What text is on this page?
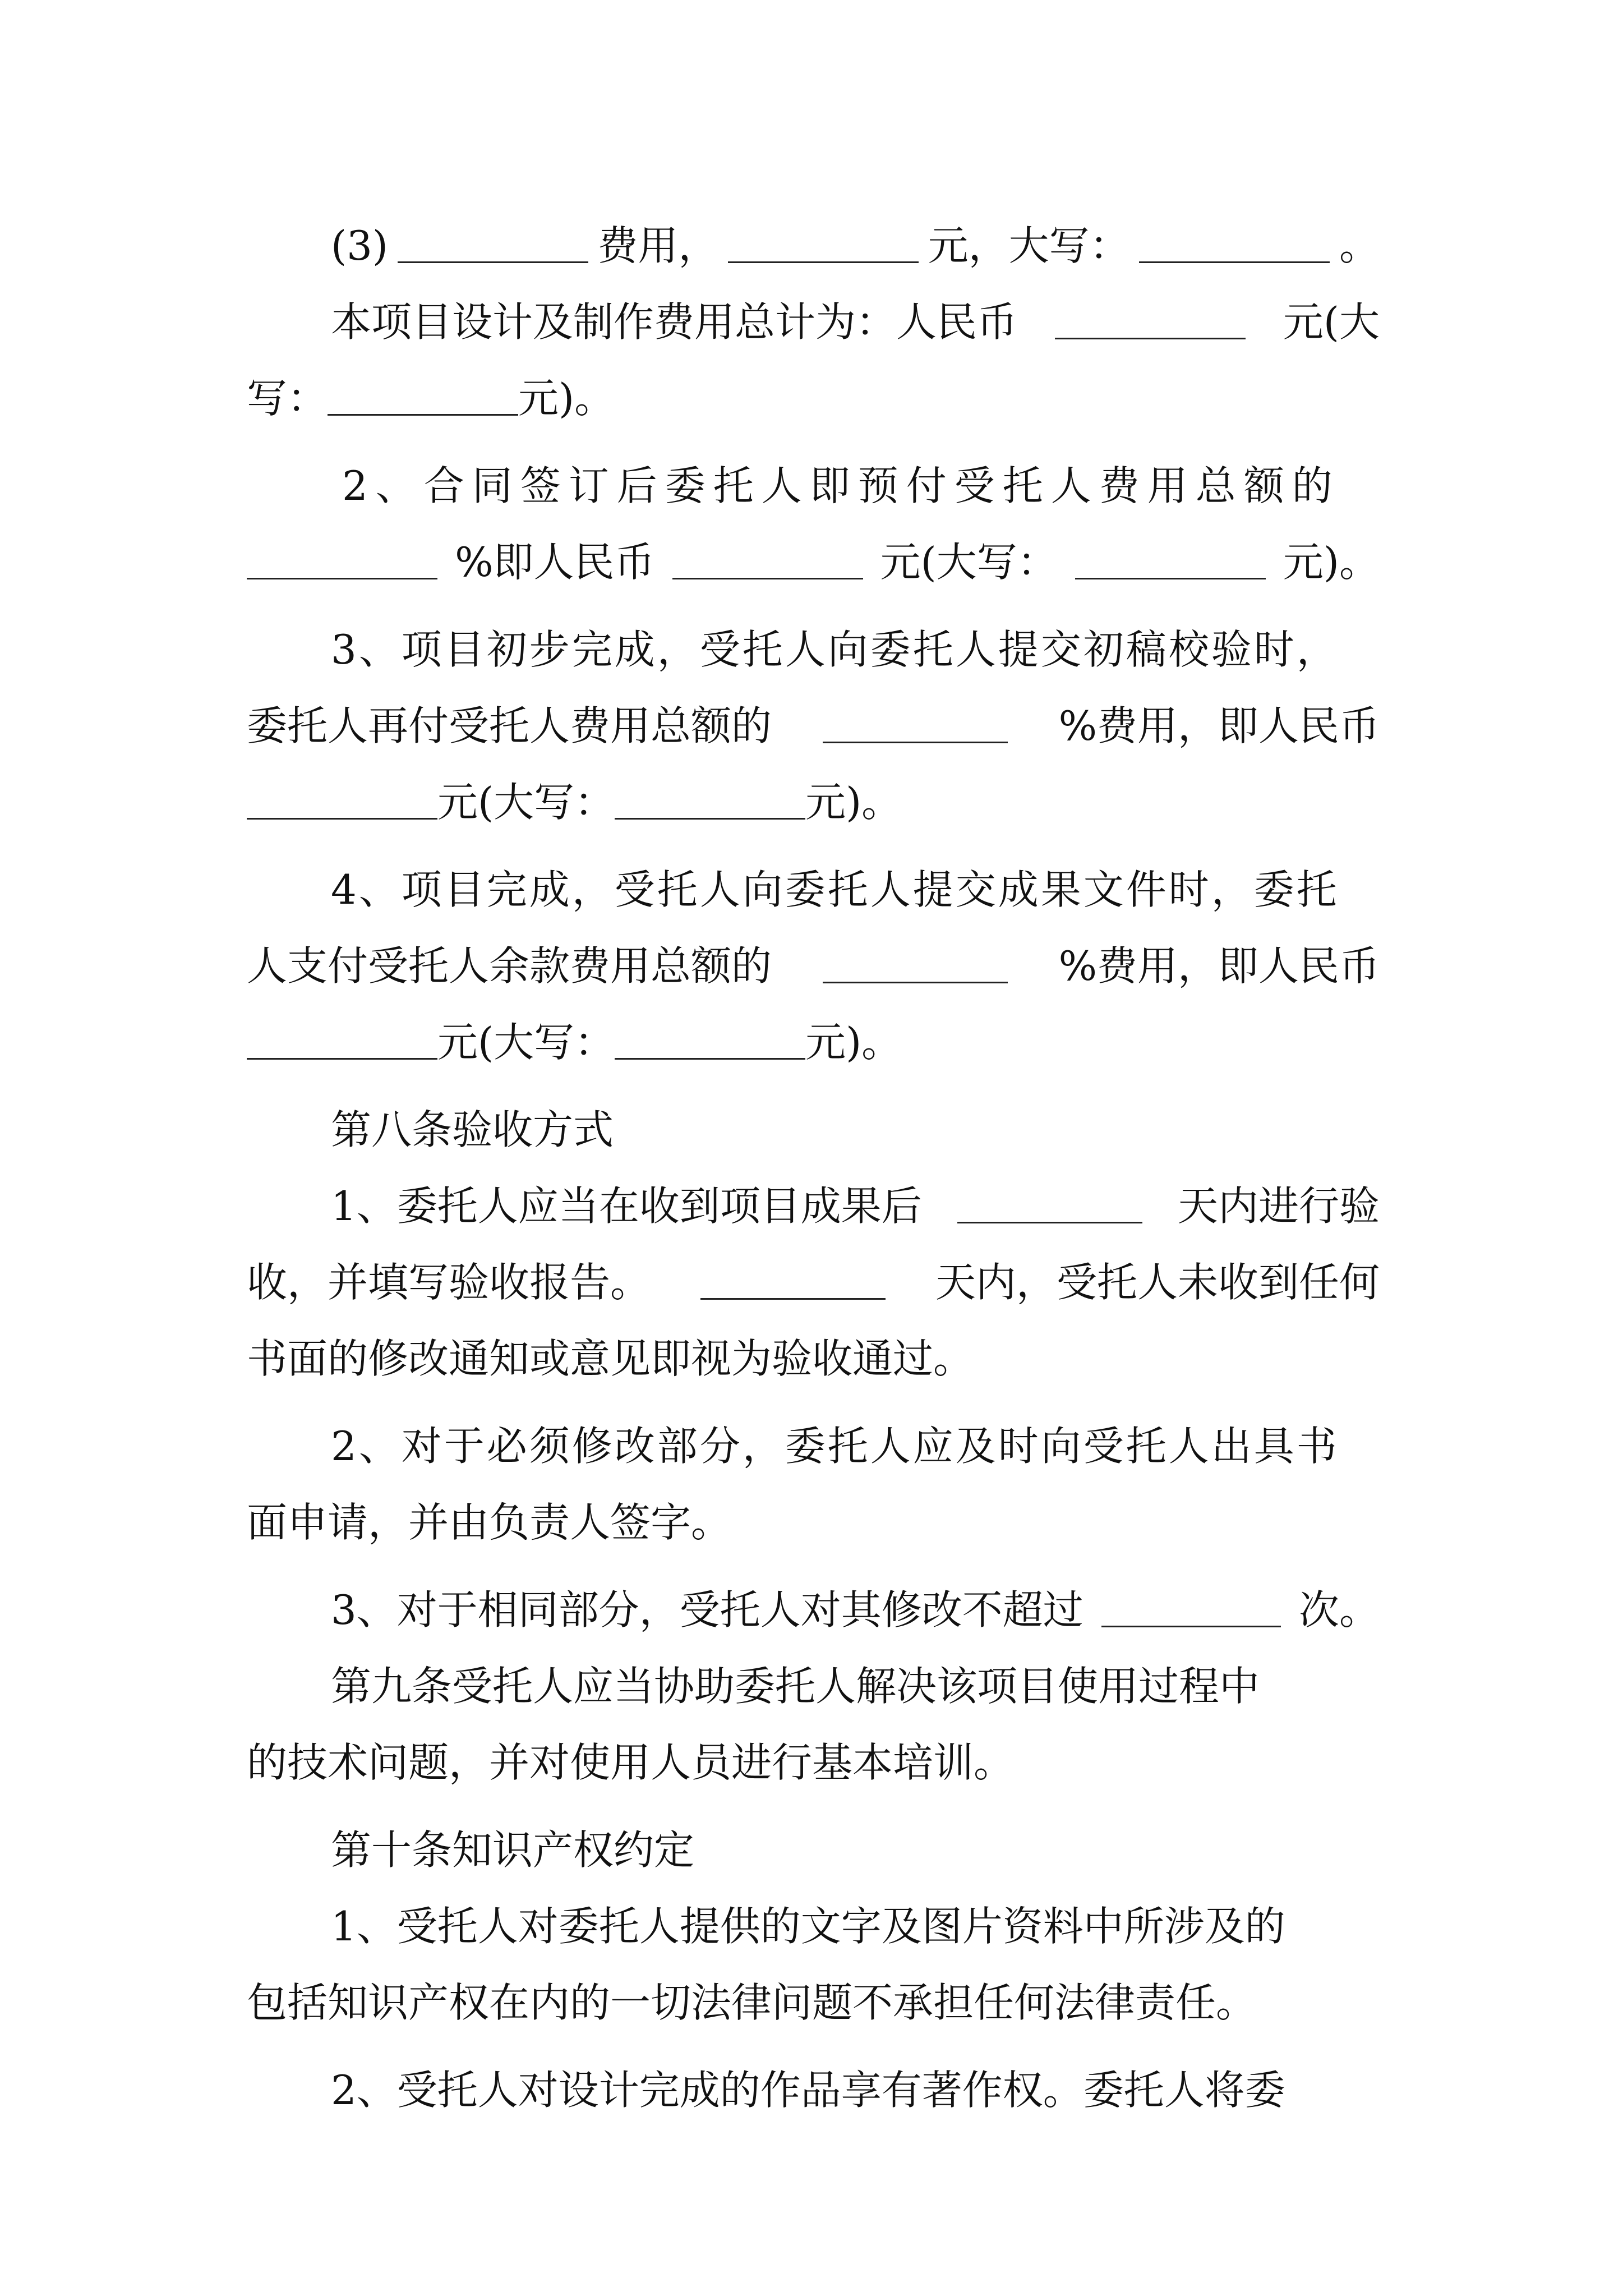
(3)	费用，	元，大写：	。
本项目设计及制作费用总计为：人民币	元(大
写：	元)。
2、合同签订后委托人即预付受托人费用总额的
%即人民币	元(大写：	元)。
3、项目初步完成，受托人向委托人提交初稿校验时，
委托人再付受托人费用总额的	%费用，即人民币
元(大写：	元)。
4、项目完成，受托人向委托人提交成果文件时，委托
人支付受托人余款费用总额的	%费用，即人民币
元(大写：	元)。
第八条验收方式
1、委托人应当在收到项目成果后	天内进行验
收，并填写验收报告。	天内，受托人未收到任何
书面的修改通知或意见即视为验收通过。
2、对于必须修改部分，委托人应及时向受托人出具书
面申请，并由负责人签字。
3、对于相同部分，受托人对其修改不超过	次。
第九条受托人应当协助委托人解决该项目使用过程中
的技术问题，并对使用人员进行基本培训。
第十条知识产权约定
1、受托人对委托人提供的文字及图片资料中所涉及的
包括知识产权在内的一切法律问题不承担任何法律责任。
2、受托人对设计完成的作品享有著作权。委托人将委
